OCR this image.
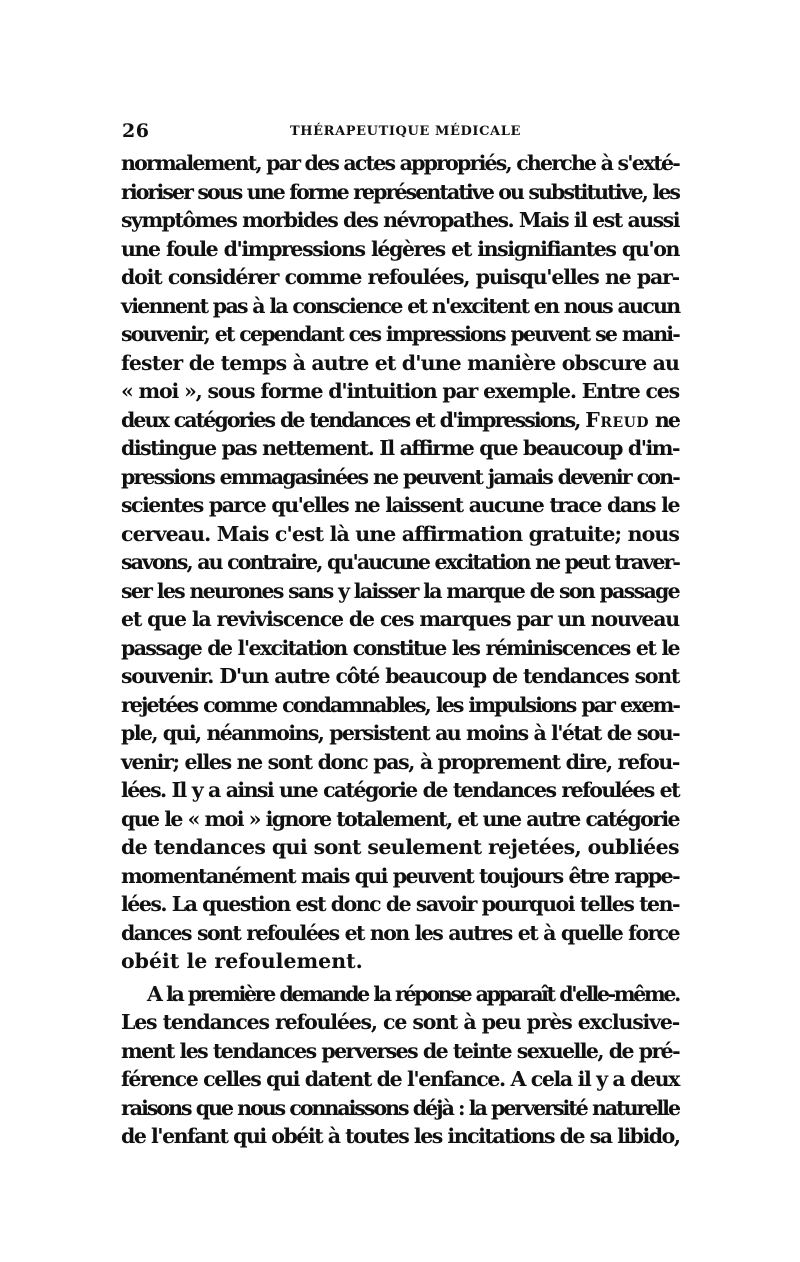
26	THÉRAPEUTIQUE MÉDICALE
normalement, par des actes appropriés, cherche à s'exté-
rioriser sous une forme représentative ou substitutive, les
symptômes morbides des névropathes. Mais il est aussi
une foule d'impressions légères et insignifiantes qu'on
doit considérer comme refoulées, puisqu'elles ne par-
viennent pas à la conscience et n'excitent en nous aucun
souvenir, et cependant ces impressions peuvent se mani-
fester de temps à autre et d'une manière obscure au
« moi », sous forme d'intuition par exemple. Entre ces
deux catégories de tendances et d'impressions, Freud ne
distingue pas nettement. Il affirme que beaucoup d'im-
pressions emmagasinées ne peuvent jamais devenir con-
scientes parce qu'elles ne laissent aucune trace dans le
cerveau. Mais c'est là une affirmation gratuite; nous
savons, au contraire, qu'aucune excitation ne peut traver-
ser les neurones sans y laisser la marque de son passage
et que la reviviscence de ces marques par un nouveau
passage de l'excitation constitue les réminiscences et le
souvenir. D'un autre côté beaucoup de tendances sont
rejetées comme condamnables, les impulsions par exem-
ple, qui, néanmoins, persistent au moins à l'état de sou-
venir; elles ne sont donc pas, à proprement dire, refou-
lées. Il y a ainsi une catégorie de tendances refoulées et
que le « moi » ignore totalement, et une autre catégorie
de tendances qui sont seulement rejetées, oubliées
momentanément mais qui peuvent toujours être rappe-
lées. La question est donc de savoir pourquoi telles ten-
dances sont refoulées et non les autres et à quelle force
obéit le refoulement.
A la première demande la réponse apparaît d'elle-même.
Les tendances refoulées, ce sont à peu près exclusive-
ment les tendances perverses de teinte sexuelle, de pré-
férence celles qui datent de l'enfance. A cela il y a deux
raisons que nous connaissons déjà : la perversité naturelle
de l'enfant qui obéit à toutes les incitations de sa libido,
